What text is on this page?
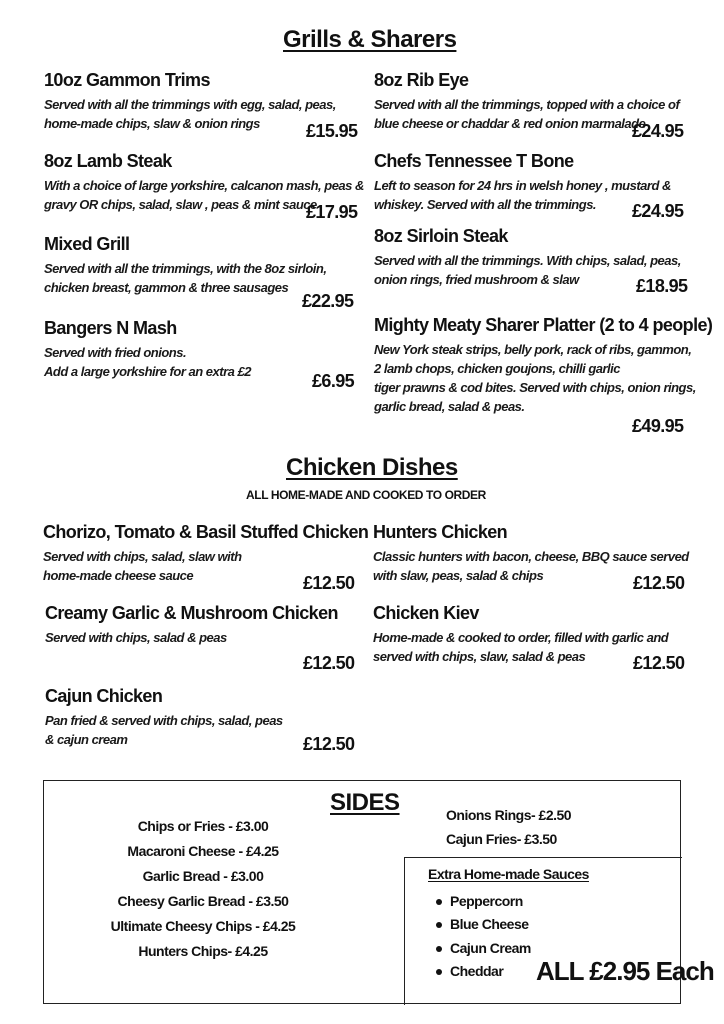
Grills & Sharers
10oz Gammon Trims
Served with all the trimmings with egg, salad, peas,
home-made chips, slaw & onion rings	£15.95
8oz Lamb Steak
With a choice of large yorkshire, calcanon mash, peas &
gravy OR chips, salad, slaw , peas & mint sauce
£17.95
Mixed Grill
Served with all the trimmings, with the 8oz sirloin,
chicken breast, gammon & three sausages
£22.95
Bangers N Mash
Served with fried onions.
Add a large yorkshire for an extra £2	£6.95
8oz Rib Eye
Served with all the trimmings, topped with a choice of
blue cheese or chaddar & red onion marmalade
£24.95
Chefs Tennessee T Bone
Left to season for 24 hrs in welsh honey , mustard &
whiskey. Served with all the trimmings.	£24.95
8oz Sirloin Steak
Served with all the trimmings. With chips, salad, peas,
onion rings, fried mushroom & slaw	£18.95
Mighty Meaty Sharer Platter (2 to 4 people)
New York steak strips, belly pork, rack of ribs, gammon,
2 lamb chops, chicken goujons, chilli garlic
tiger prawns & cod bites. Served with chips, onion rings,
garlic bread, salad & peas.
£49.95
Chicken Dishes
ALL HOME-MADE AND COOKED TO ORDER
Chorizo, Tomato & Basil Stuffed Chicken
Served with chips, salad, slaw with
home-made cheese sauce	£12.50
Creamy Garlic & Mushroom Chicken
Served with chips, salad & peas
£12.50
Cajun Chicken
Pan fried & served with chips, salad, peas
& cajun cream	£12.50
Hunters Chicken
Classic hunters with bacon, cheese, BBQ sauce served
with slaw, peas, salad & chips	£12.50
Chicken Kiev
Home-made & cooked to order, filled with garlic and
served with chips, slaw, salad & peas	£12.50
SIDES
Chips or Fries - £3.00
Macaroni Cheese - £4.25
Garlic Bread - £3.00
Cheesy Garlic Bread - £3.50
Ultimate Cheesy Chips - £4.25
Hunters Chips- £4.25
Onions Rings- £2.50
Cajun Fries- £3.50
Extra Home-made Sauces
Peppercorn
Blue Cheese
Cajun Cream
Cheddar ALL £2.95 Each
